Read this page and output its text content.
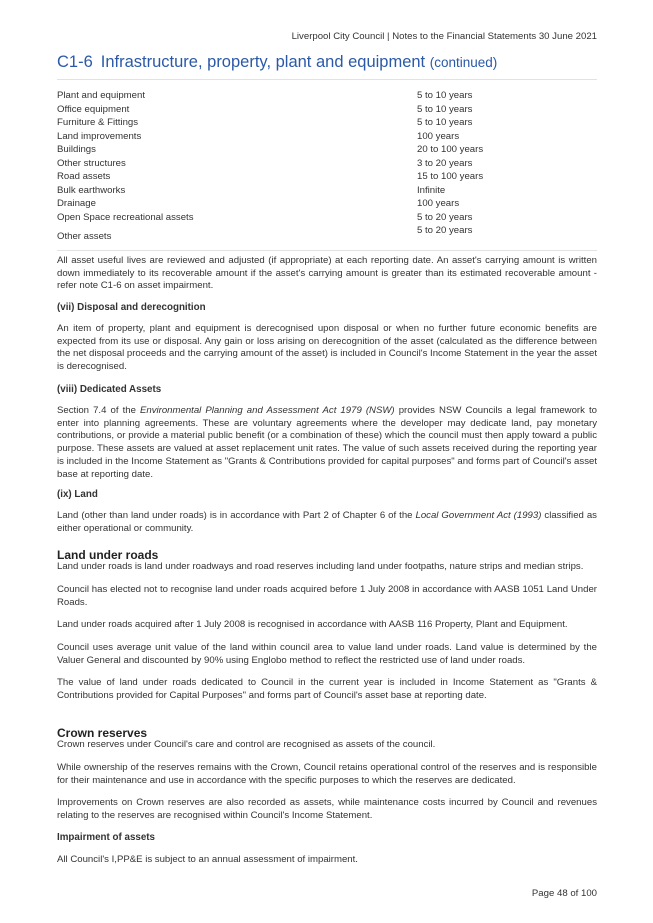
Liverpool City Council | Notes to the Financial Statements 30 June 2021
C1-6 Infrastructure, property, plant and equipment (continued)
Plant and equipment	5 to 10 years
Office equipment	5 to 10 years
Furniture & Fittings	5 to 10 years
Land improvements	100 years
Buildings	20 to 100 years
Other structures	3 to 20 years
Road assets	15 to 100 years
Bulk earthworks	Infinite
Drainage	100 years
Open Space recreational assets	5 to 20 years
Other assets	5 to 20 years
All asset useful lives are reviewed and adjusted (if appropriate) at each reporting date. An asset's carrying amount is written down immediately to its recoverable amount if the asset's carrying amount is greater than its estimated recoverable amount - refer note C1-6 on asset impairment.
(vii) Disposal and derecognition
An item of property, plant and equipment is derecognised upon disposal or when no further future economic benefits are expected from its use or disposal. Any gain or loss arising on derecognition of the asset (calculated as the difference between the net disposal proceeds and the carrying amount of the asset) is included in Council's Income Statement in the year the asset is derecognised.
(viii) Dedicated Assets
Section 7.4 of the Environmental Planning and Assessment Act 1979 (NSW) provides NSW Councils a legal framework to enter into planning agreements. These are voluntary agreements where the developer may dedicate land, pay monetary contributions, or provide a material public benefit (or a combination of these) which the council must then apply toward a public purpose. These assets are valued at asset replacement unit rates. The value of such assets received during the reporting year is included in the Income Statement as "Grants & Contributions provided for capital purposes" and forms part of Council's asset base at reporting date.
(ix) Land
Land (other than land under roads) is in accordance with Part 2 of Chapter 6 of the Local Government Act (1993) classified as either operational or community.
Land under roads
Land under roads is land under roadways and road reserves including land under footpaths, nature strips and median strips.
Council has elected not to recognise land under roads acquired before 1 July 2008 in accordance with AASB 1051 Land Under Roads.
Land under roads acquired after 1 July 2008 is recognised in accordance with AASB 116 Property, Plant and Equipment.
Council uses average unit value of the land within council area to value land under roads. Land value is determined by the Valuer General and discounted by 90% using Englobo method to reflect the restricted use of land under roads.
The value of land under roads dedicated to Council in the current year is included in Income Statement as "Grants & Contributions provided for Capital Purposes" and forms part of Council's asset base at reporting date.
Crown reserves
Crown reserves under Council's care and control are recognised as assets of the council.
While ownership of the reserves remains with the Crown, Council retains operational control of the reserves and is responsible for their maintenance and use in accordance with the specific purposes to which the reserves are dedicated.
Improvements on Crown reserves are also recorded as assets, while maintenance costs incurred by Council and revenues relating to the reserves are recognised within Council's Income Statement.
Impairment of assets
All Council's I,PP&E is subject to an annual assessment of impairment.
Page 48 of 100
